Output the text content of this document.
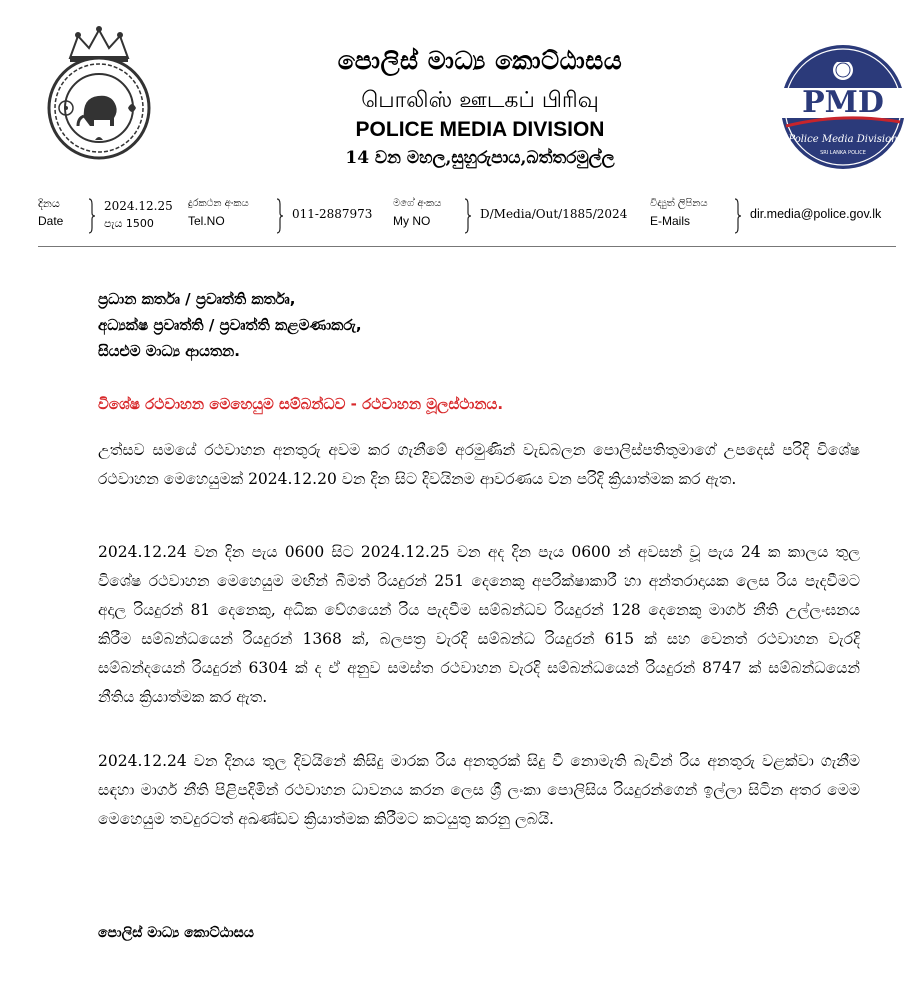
පොලිස් මාධ්‍ය කොට්ඨාසය
பொலிஸ் ஊடகப் பிரிவு
POLICE MEDIA DIVISION
14 වන මහල,සුහුරුපාය,බත්තරමුල්ල
PMD
Police Media Division
SRI LANKA POLICE
දිනය
Date
2024.12.25
පැය 1500
දුරකථන අංකය
Tel.NO	011-2887973
මගේ අංකය
My NO	D/Media/Out/1885/2024
විද්‍යුත් ලිපිනය
E-Mails	dir.media@police.gov.lk
ප්‍රධාන කර්තෘ / ප්‍රවෘත්ති කර්තෘ,
අධ්‍යක්ෂ ප්‍රවෘත්ති / ප්‍රවෘත්ති කළමණාකරු,
සියළුම මාධ්‍ය ආයතන.
විශේෂ රථවාහන මෙහෙයුම සම්බන්ධව - රථවාහන මූලස්ථානය.

උත්සව සමයේ රථවාහන අනතුරු අවම කර ගැනීමේ අරමුණින් වැඩබලන පොලිස්පතිතුමාගේ උපදෙස් පරිදි විශේෂ රථවාහන මෙහෙයුමක් 2024.12.20 වන දින සිට දිවයිනම ආවරණය වන පරිදි ක්‍රියාත්මක කර ඇත.

2024.12.24 වන දින පැය 0600 සිට 2024.12.25 වන අද දින පැය 0600 න් අවසන් වූ පැය 24 ක කාලය තුල විශේෂ රථවාහන මෙහෙයුම මඟින් බීමත් රියදුරන් 251 දෙනෙකු අපරික්ෂාකාරී හා අන්තරාදායක ලෙස රිය පැදවීමට අදාල රියදුරන් 81 දෙනෙකු, අධික වේගයෙන් රිය පැදවීම සම්බන්ධව රියදුරන් 128 දෙනෙකු මාර්ග නීති උල්ලංඝනය කිරීම සම්බන්ධයෙන් රියදුරන් 1368 ක්, බලපත්‍ර වැරදි සම්බන්ධ රියදුරන් 615 ක් සහ වෙනත් රථවාහන වැරදි සම්බන්දයෙන් රියදුරන් 6304 ක් ද ඒ අනුව සමස්ත රථවාහන වැරදි සම්බන්ධයෙන් රියදුරන් 8747 ක් සම්බන්ධයෙන් නීතිය ක්‍රියාත්මක කර ඇත.

2024.12.24 වන දිනය තුල දිවයිනේ කිසිදු මාරක රිය අනතුරක් සිදු වී නොමැති බැවින් රිය අනතුරු වළක්වා ගැනීම සඳහා මාර්ග නීති පිළිපදිමින් රථවාහන ධාවනය කරන ලෙස ශ්‍රී ලංකා පොලිසිය රියදුරන්ගෙන් ඉල්ලා සිටින අතර මෙම මෙහෙයුම තවදුරටත් අඛණ්ඩව ක්‍රියාත්මක කිරීමට කටයුතු කරනු ලබයි.

පොලිස් මාධ්‍ය කොට්ඨාසය
